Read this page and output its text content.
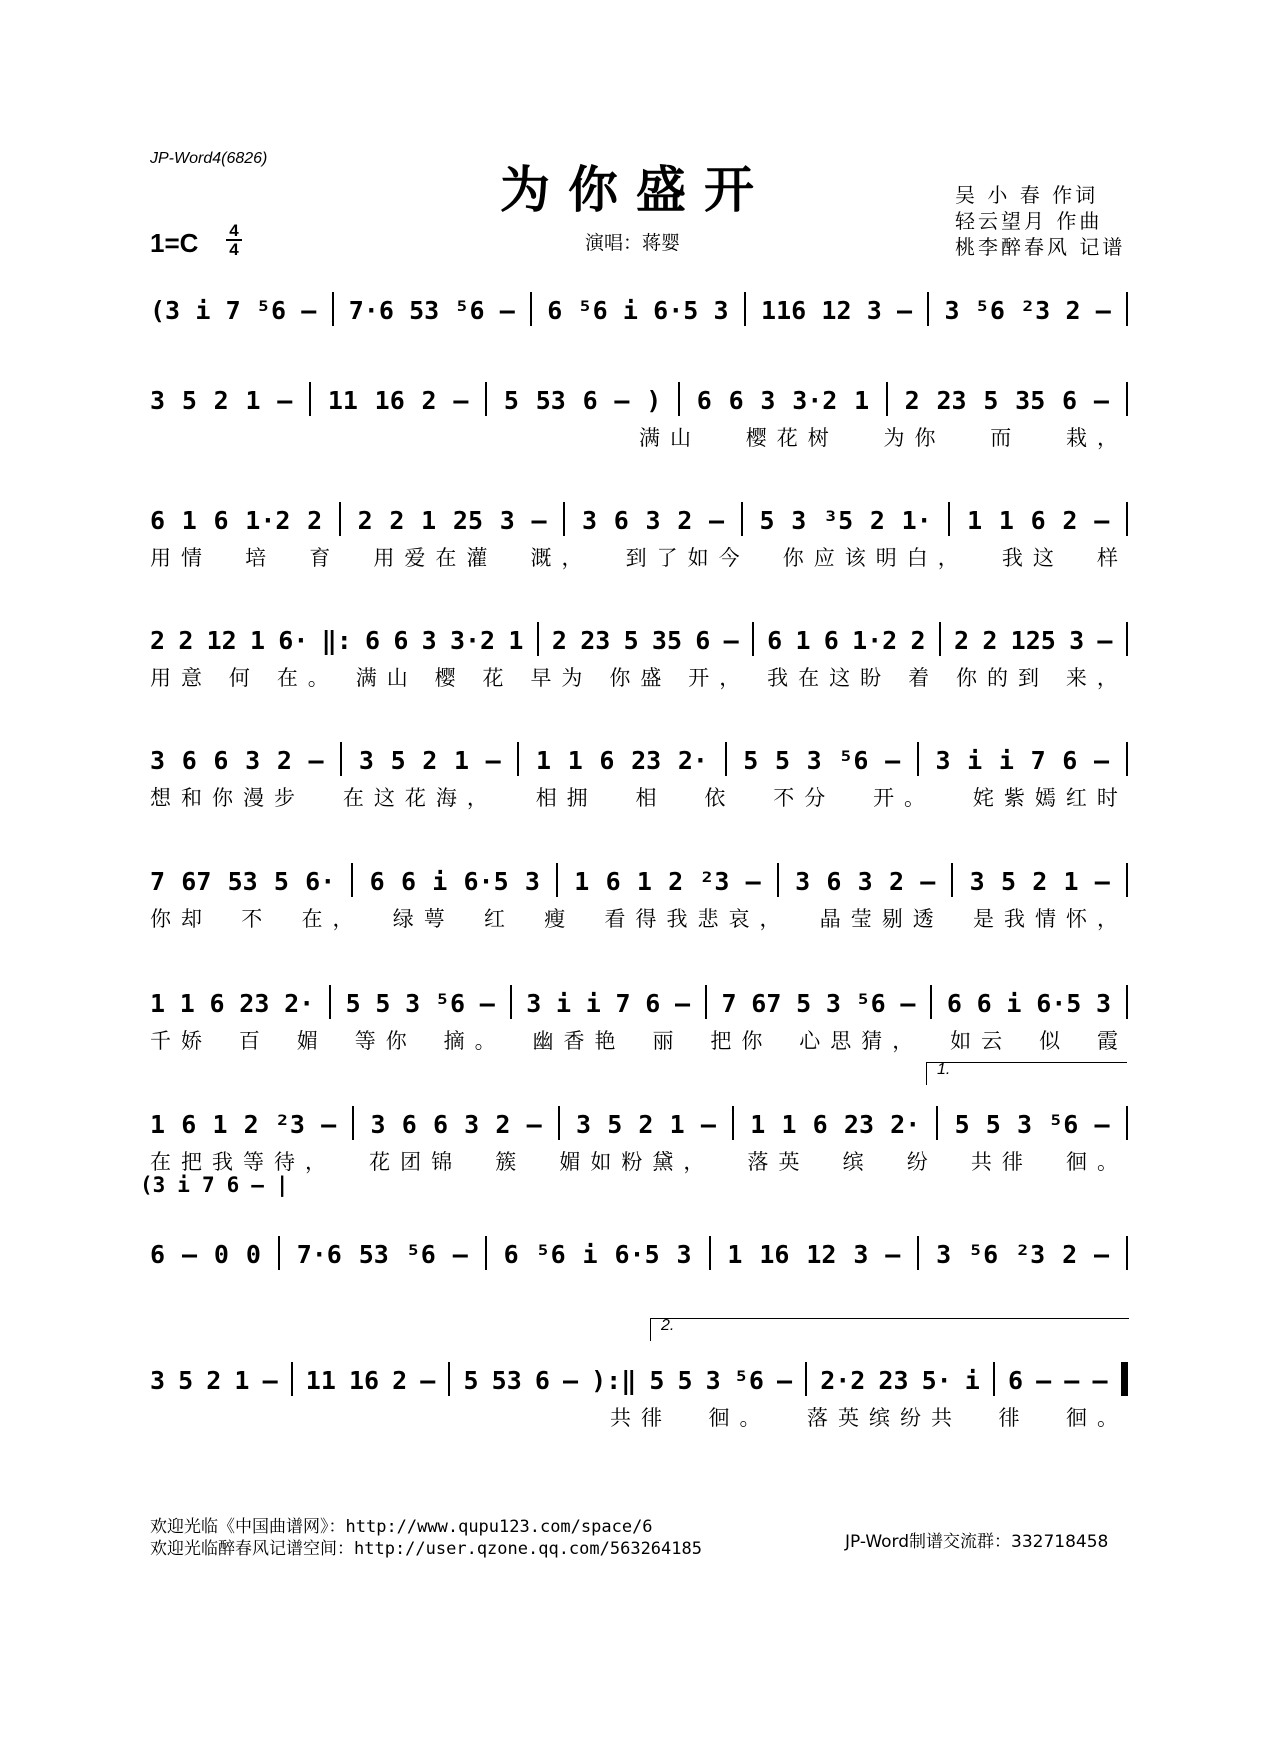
JP-Word4(6826)
为你盛开	吴 小 春 作词
轻云望月 作曲
桃李醉春风 记谱
1=C 4
4	演唱：蒋婴
(3 i 7 ⁵6 – 7·6 53 ⁵6 – 6 ⁵6 i 6·5 3 116 12 3 – 3 ⁵6 ²3 2 –
3 5 2 1 – 11 16 2 – 5 53 6 – ) 6 6 3 3·2 1 2 23 5 35 6 –
满山 樱花树 为你 而 栽，
6 1 6 1·2 2 2 2 1 25 3 – 3 6 3 2 – 5 3 ³5 2 1· 1 1 6 2 –
用情 培 育 用爱在灌 溉， 到了如今 你应该明白， 我这 样
2 2 12 1 6· ‖: 6 6 3 3·2 1 2 23 5 35 6 – 6 1 6 1·2 2 2 2 125 3 –
用意 何 在。 满山 樱 花 早为 你盛 开， 我在这盼 着 你的到 来，
3 6 6 3 2 – 3 5 2 1 – 1 1 6 23 2· 5 5 3 ⁵6 – 3 i i 7 6 –
想和你漫步 在这花海， 相拥 相 依 不分 开。 姹紫嫣红时
7 67 53 5 6· 6 6 i 6·5 3 1 6 1 2 ²3 – 3 6 3 2 – 3 5 2 1 –
你却 不 在， 绿萼 红 瘦 看得我悲哀， 晶莹剔透 是我情怀，
1 1 6 23 2· 5 5 3 ⁵6 – 3 i i 7 6 – 7 67 5 3 ⁵6 – 6 6 i 6·5 3
千娇 百 媚 等你 摘。 幽香艳 丽 把你 心思猜， 如云 似 霞
1.
1 6 1 2 ²3 – 3 6 6 3 2 – 3 5 2 1 – 1 1 6 23 2· 5 5 3 ⁵6 –
在把我等待， 花团锦 簇 媚如粉黛， 落英 缤 纷 共徘 徊。
(3 i 7 6 – |
6 – 0 0 7·6 53 ⁵6 – 6 ⁵6 i 6·5 3 1 16 12 3 – 3 ⁵6 ²3 2 –
2.
3 5 2 1 – 11 16 2 – 5 53 6 – ):‖ 5 5 3 ⁵6 – 2·2 23 5· i 6 – – –
共徘 徊。 落英缤纷共 徘 徊。
欢迎光临《中国曲谱网》：http://www.qupu123.com/space/6
欢迎光临醉春风记谱空间：http://user.qzone.qq.com/563264185	JP-Word制谱交流群：332718458
